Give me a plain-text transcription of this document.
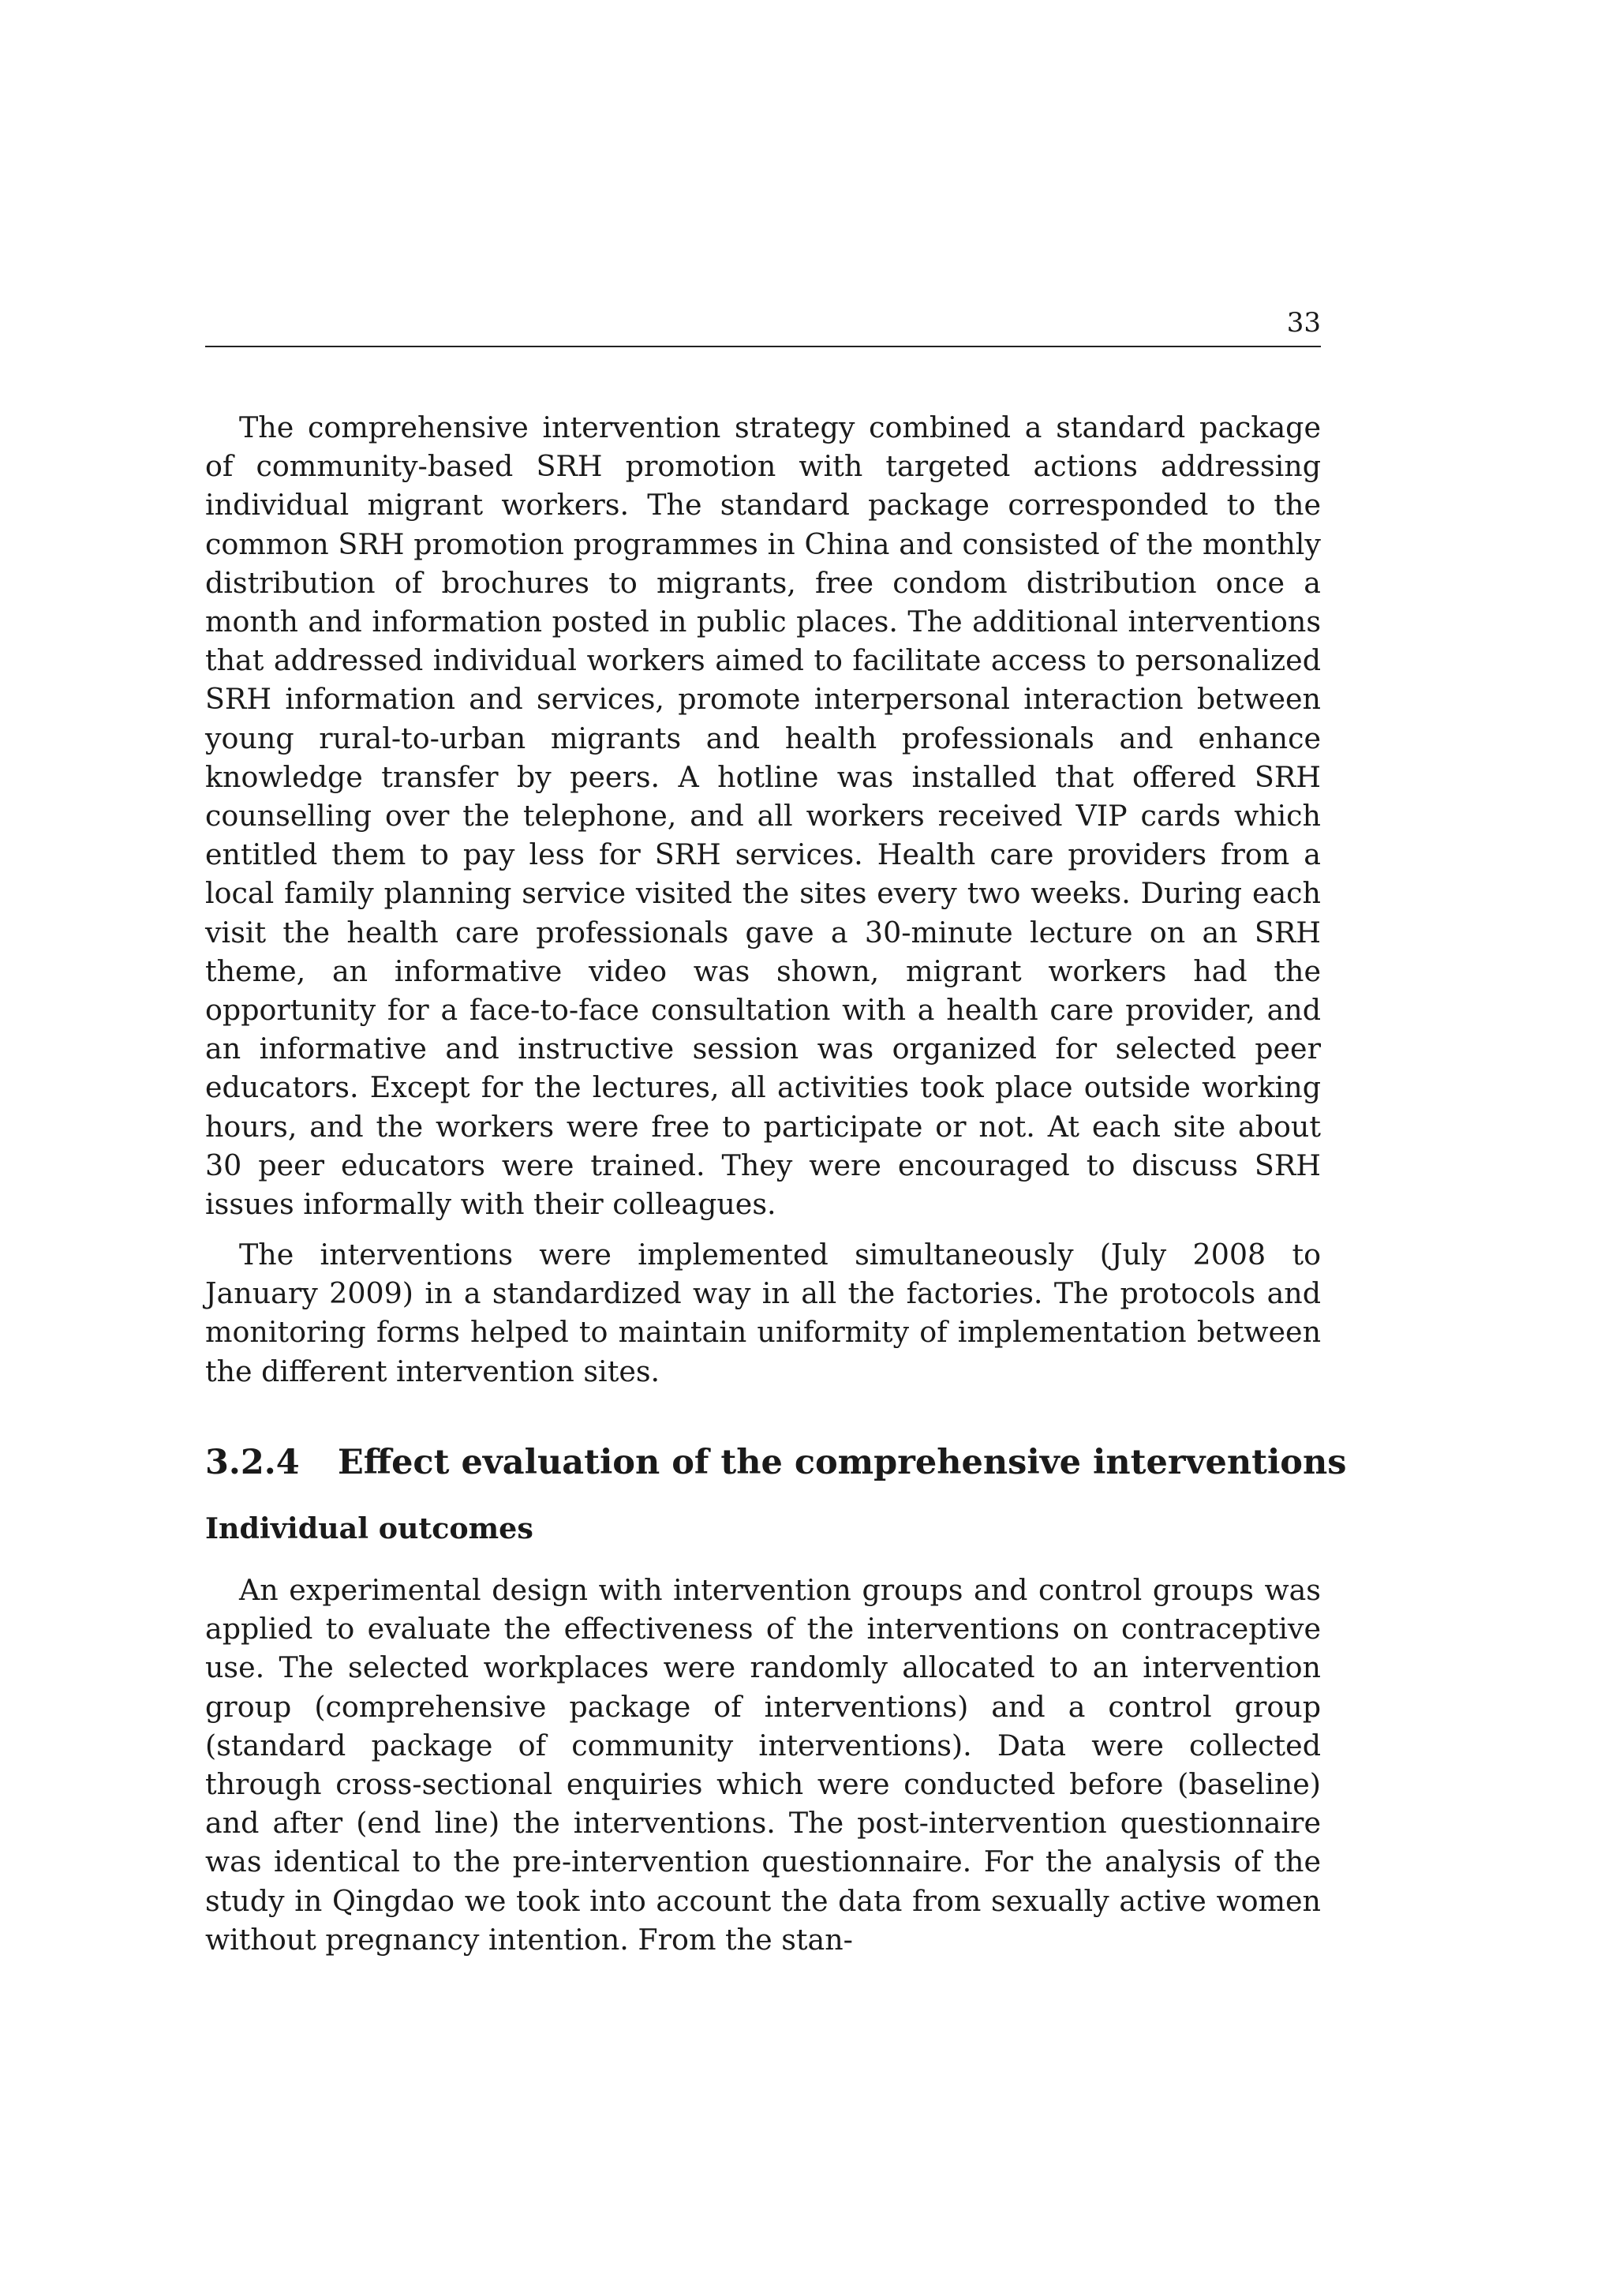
33

The comprehensive intervention strategy combined a standard package of community-based SRH promotion with targeted actions addressing individual migrant workers. The standard package corresponded to the common SRH promotion programmes in China and consisted of the monthly distribution of brochures to migrants, free condom distribution once a month and information posted in public places. The additional interventions that addressed individual workers aimed to facilitate access to personalized SRH information and services, promote interpersonal interaction between young rural-to-urban migrants and health professionals and enhance knowledge transfer by peers. A hotline was installed that offered SRH counselling over the telephone, and all workers received VIP cards which entitled them to pay less for SRH services. Health care providers from a local family planning service visited the sites every two weeks. During each visit the health care professionals gave a 30-minute lecture on an SRH theme, an informative video was shown, migrant workers had the opportunity for a face-to-face consultation with a health care provider, and an informative and instructive session was organized for selected peer educators. Except for the lectures, all activities took place outside working hours, and the workers were free to participate or not. At each site about 30 peer educators were trained. They were encouraged to discuss SRH issues informally with their colleagues.

The interventions were implemented simultaneously (July 2008 to January 2009) in a standardized way in all the factories. The protocols and monitoring forms helped to maintain uniformity of implementation between the different intervention sites.

3.2.4 Effect evaluation of the comprehensive interventions
Individual outcomes

An experimental design with intervention groups and control groups was applied to evaluate the effectiveness of the interventions on contraceptive use. The selected workplaces were randomly allocated to an intervention group (comprehensive package of interventions) and a control group (standard package of community interventions). Data were collected through cross-sectional enquiries which were conducted before (baseline) and after (end line) the interventions. The post-intervention questionnaire was identical to the pre-intervention questionnaire. For the analysis of the study in Qingdao we took into account the data from sexually active women without pregnancy intention. From the stan-
